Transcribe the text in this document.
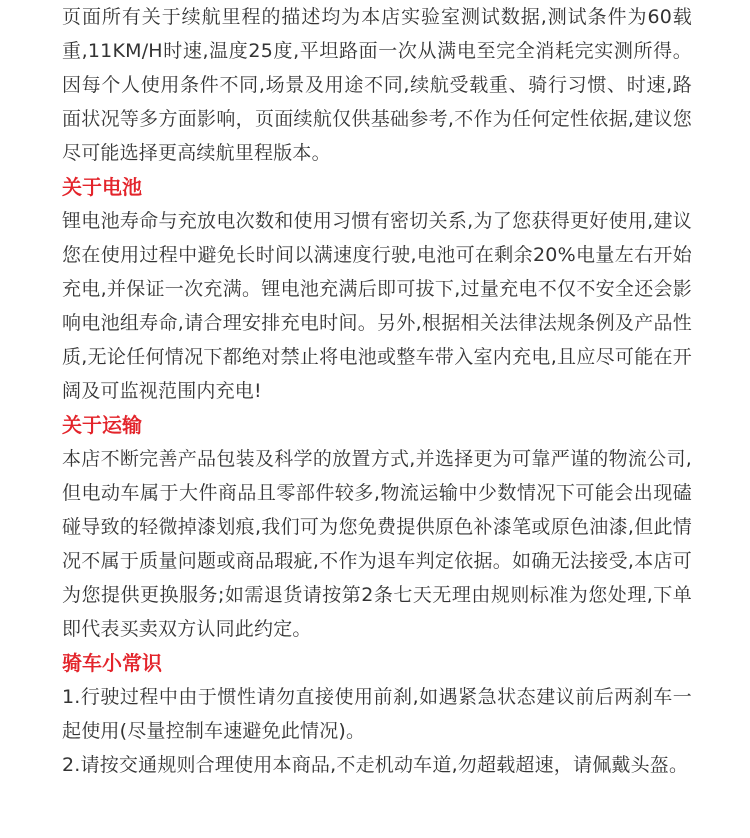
页面所有关于续航里程的描述均为本店实验室测试数据,测试条件为60载重,11KM/H时速,温度25度,平坦路面一次从满电至完全消耗完实测所得。因每个人使用条件不同,场景及用途不同,续航受载重、骑行习惯、时速,路面状况等多方面影响，页面续航仅供基础参考,不作为任何定性依据,建议您尽可能选择更高续航里程版本。

关于电池

锂电池寿命与充放电次数和使用习惯有密切关系,为了您获得更好使用,建议您在使用过程中避免长时间以满速度行驶,电池可在剩余20%电量左右开始充电,并保证一次充满。锂电池充满后即可拔下,过量充电不仅不安全还会影响电池组寿命,请合理安排充电时间。另外,根据相关法律法规条例及产品性质,无论任何情况下都绝对禁止将电池或整车带入室内充电,且应尽可能在开阔及可监视范围内充电!

关于运输

本店不断完善产品包装及科学的放置方式,并选择更为可靠严谨的物流公司,但电动车属于大件商品且零部件较多,物流运输中少数情况下可能会出现磕碰导致的轻微掉漆划痕,我们可为您免费提供原色补漆笔或原色油漆,但此情况不属于质量问题或商品瑕疵,不作为退车判定依据。如确无法接受,本店可为您提供更换服务;如需退货请按第2条七天无理由规则标准为您处理,下单即代表买卖双方认同此约定。

骑车小常识

1.行驶过程中由于惯性请勿直接使用前刹,如遇紧急状态建议前后两刹车一起使用(尽量控制车速避免此情况)。

2.请按交通规则合理使用本商品,不走机动车道,勿超载超速，请佩戴头盔。
